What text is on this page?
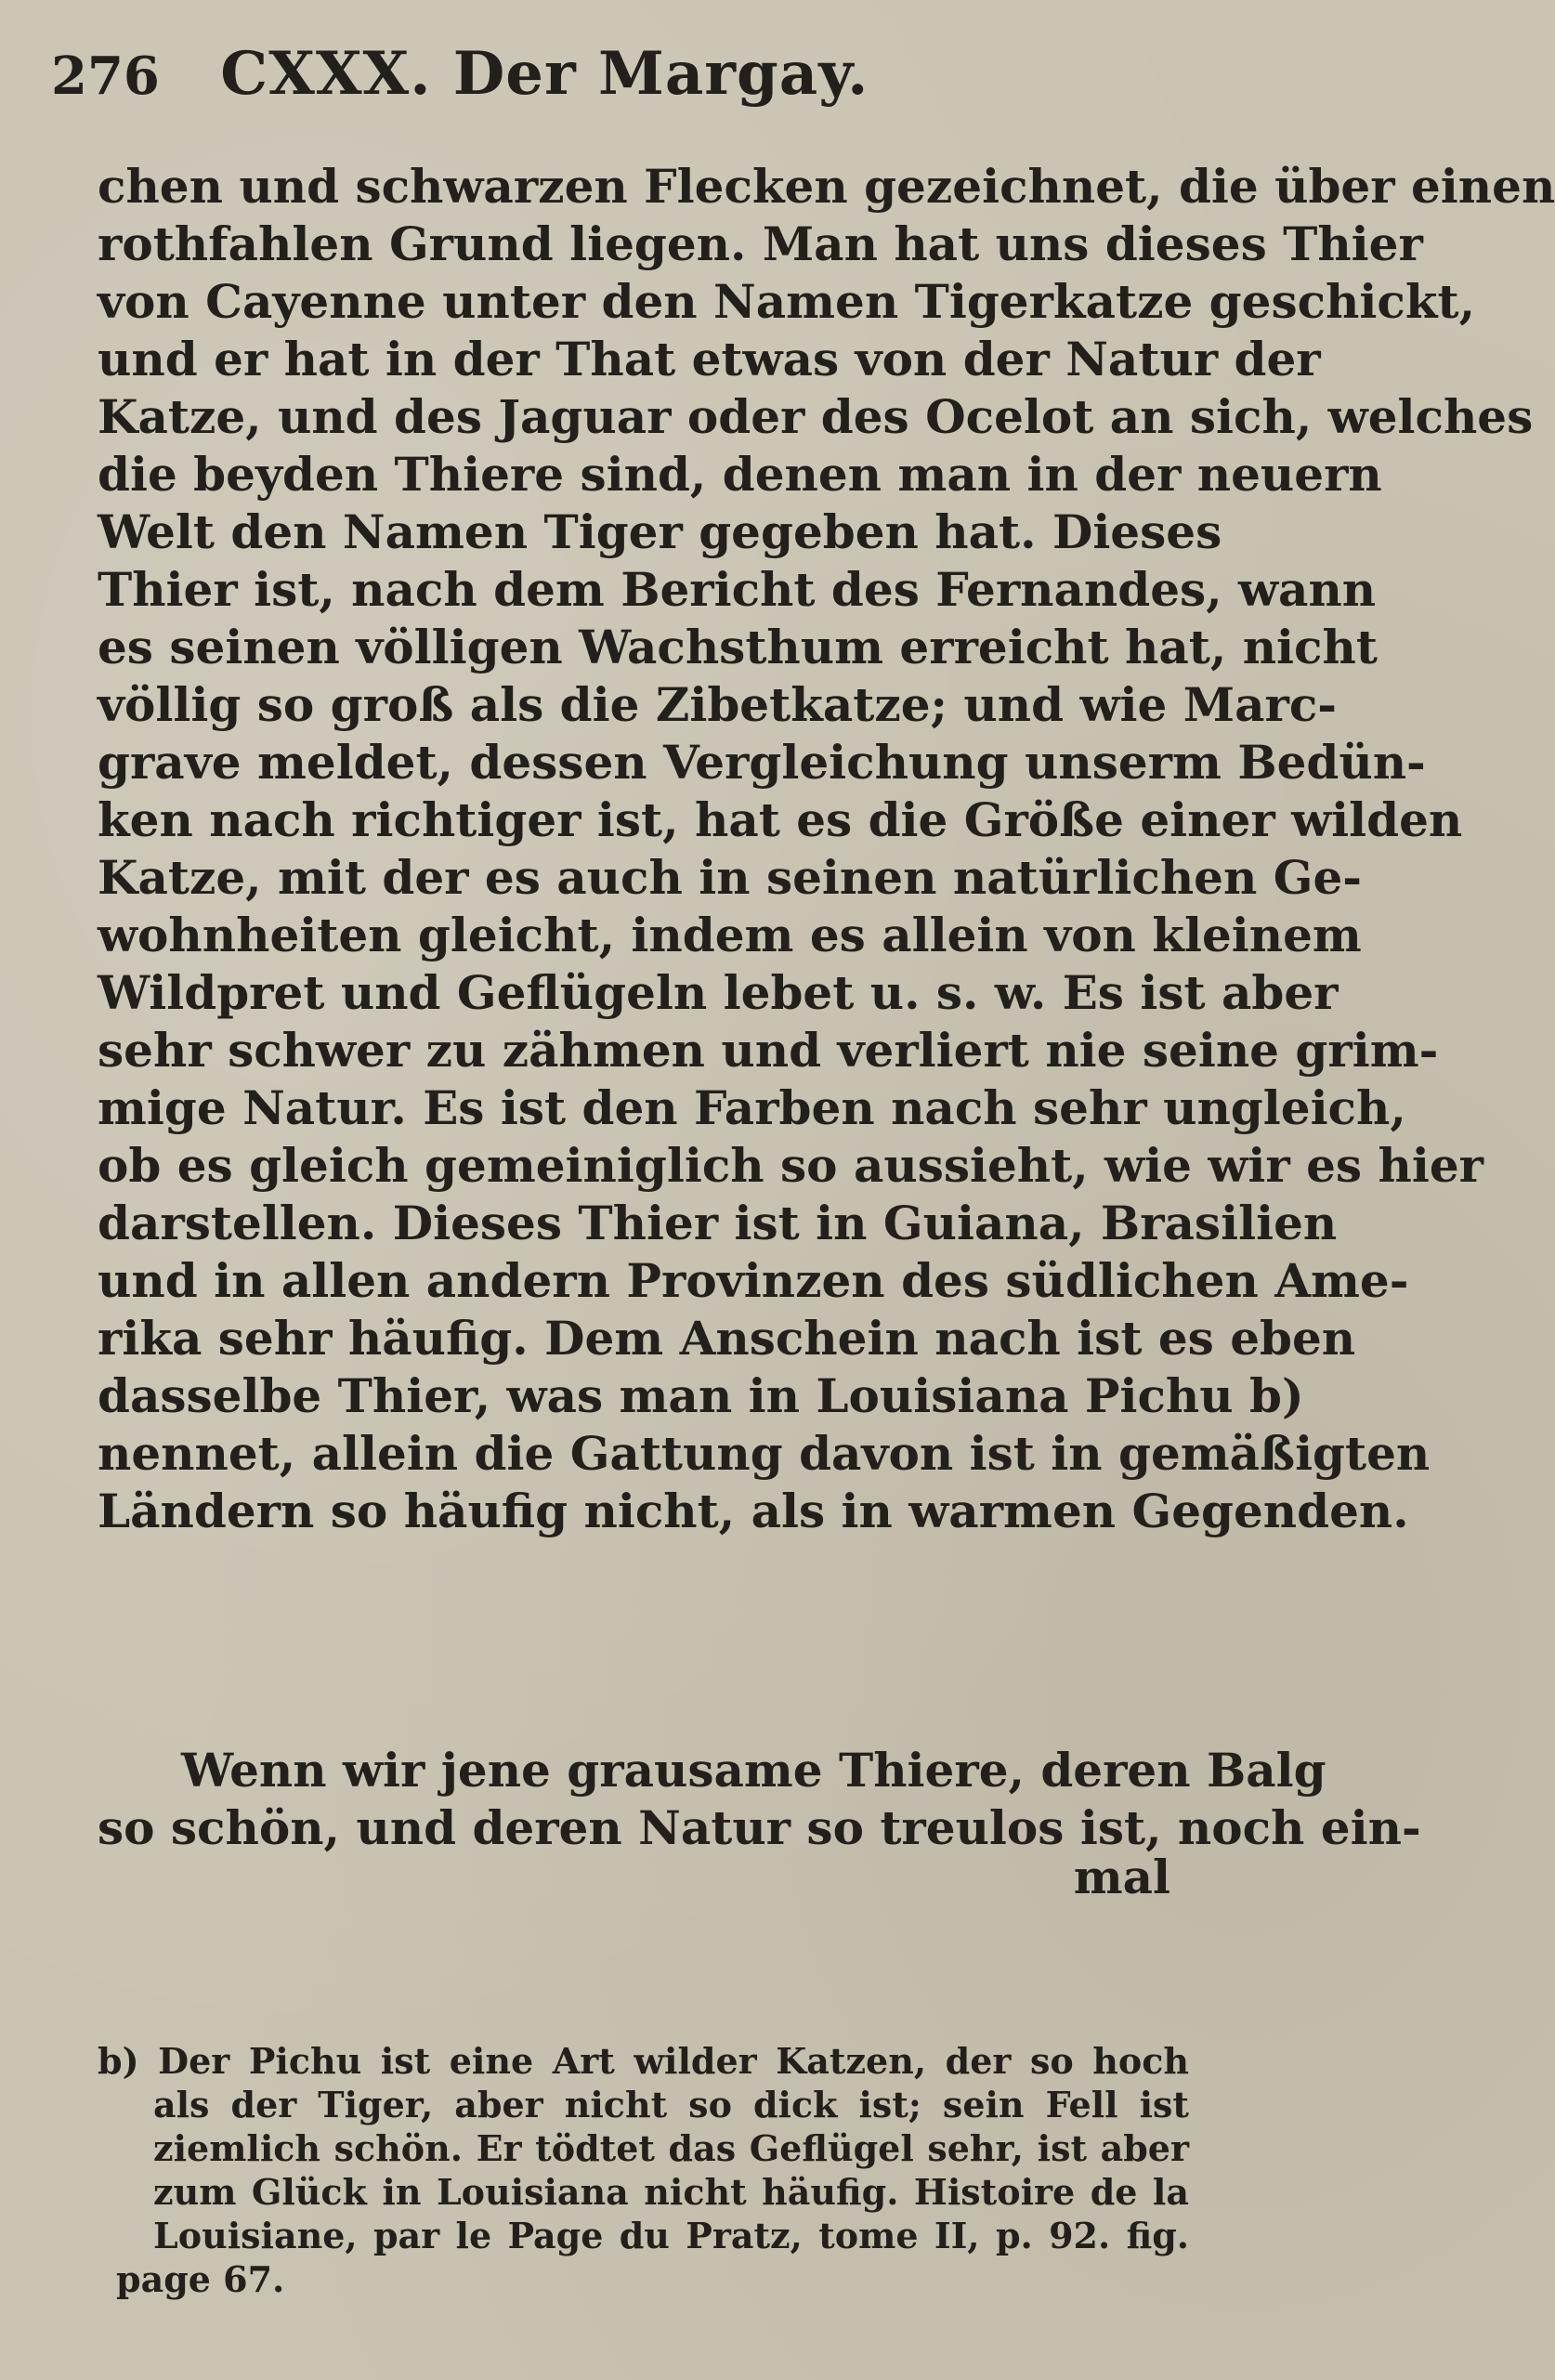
276 CXXX. Der Margay.
chen und schwarzen Flecken gezeichnet, die über einen
rothfahlen Grund liegen. Man hat uns dieses Thier
von Cayenne unter den Namen Tigerkatze geschickt,
und er hat in der That etwas von der Natur der
Katze, und des Jaguar oder des Ocelot an sich, welches
die beyden Thiere sind, denen man in der neuern
Welt den Namen Tiger gegeben hat. Dieses
Thier ist, nach dem Bericht des Fernandes, wann
es seinen völligen Wachsthum erreicht hat, nicht
völlig so groß als die Zibetkatze; und wie Marc-
grave meldet, dessen Vergleichung unserm Bedün-
ken nach richtiger ist, hat es die Größe einer wilden
Katze, mit der es auch in seinen natürlichen Ge-
wohnheiten gleicht, indem es allein von kleinem
Wildpret und Geflügeln lebet u. s. w. Es ist aber
sehr schwer zu zähmen und verliert nie seine grim-
mige Natur. Es ist den Farben nach sehr ungleich,
ob es gleich gemeiniglich so aussieht, wie wir es hier
darstellen. Dieses Thier ist in Guiana, Brasilien
und in allen andern Provinzen des südlichen Ame-
rika sehr häufig. Dem Anschein nach ist es eben
dasselbe Thier, was man in Louisiana Pichu b)
nennet, allein die Gattung davon ist in gemäßigten
Ländern so häufig nicht, als in warmen Gegenden.
Wenn wir jene grausame Thiere, deren Balg
so schön, und deren Natur so treulos ist, noch ein-
mal
b) Der Pichu ist eine Art wilder Katzen, der so hoch
als der Tiger, aber nicht so dick ist; sein Fell ist
ziemlich schön. Er tödtet das Geflügel sehr, ist aber
zum Glück in Louisiana nicht häufig. Histoire de la
Louisiane, par le Page du Pratz, tome II, p. 92. fig.
page 67.
